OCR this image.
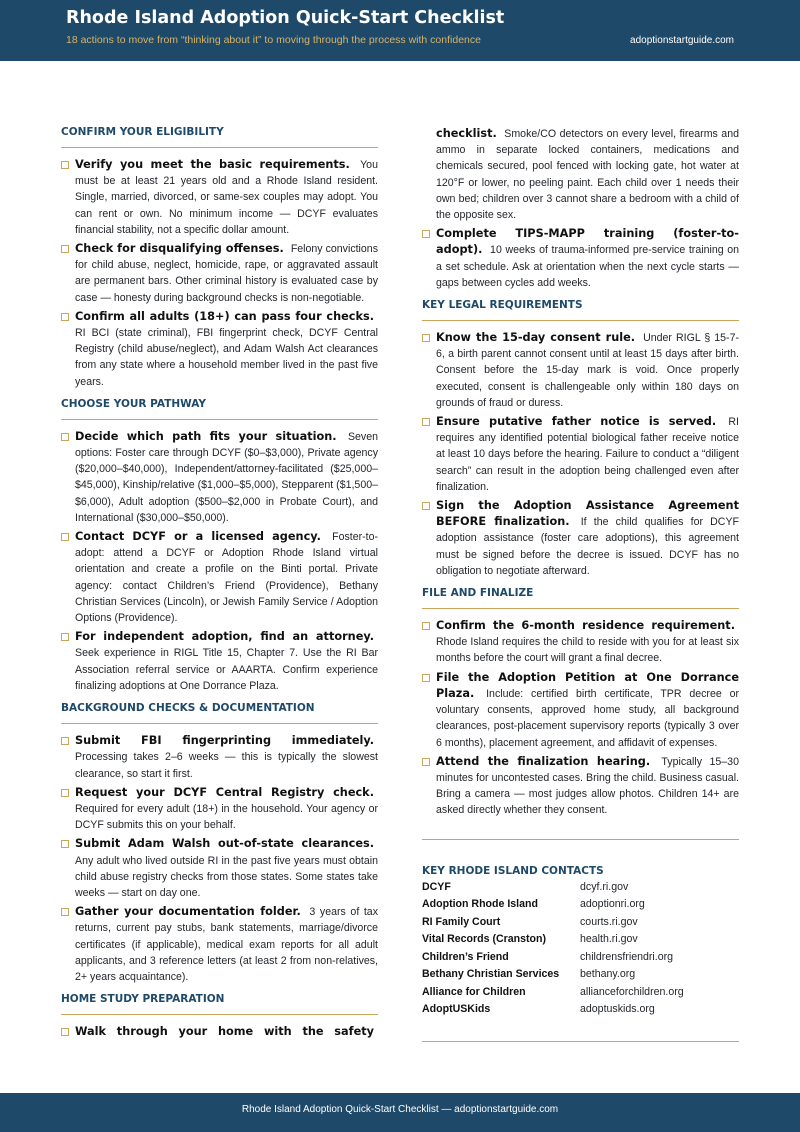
Rhode Island Adoption Quick-Start Checklist
18 actions to move from “thinking about it” to moving through the process with confidence	adoptionstartguide.com
CONFIRM YOUR ELIGIBILITY
Verify you meet the basic requirements. You must be at least 21 years old and a Rhode Island resident. Single, married, divorced, or same-sex couples may adopt. You can rent or own. No minimum income — DCYF evaluates financial stability, not a specific dollar amount.
Check for disqualifying offenses. Felony convictions for child abuse, neglect, homicide, rape, or aggravated assault are permanent bars. Other criminal history is evaluated case by case — honesty during background checks is non-negotiable.
Confirm all adults (18+) can pass four checks. RI BCI (state criminal), FBI fingerprint check, DCYF Central Registry (child abuse/neglect), and Adam Walsh Act clearances from any state where a household member lived in the past five years.
CHOOSE YOUR PATHWAY
Decide which path fits your situation. Seven options: Foster care through DCYF ($0–$3,000), Private agency ($20,000–$40,000), Independent/attorney-facilitated ($25,000–$45,000), Kinship/relative ($1,000–$5,000), Stepparent ($1,500–$6,000), Adult adoption ($500–$2,000 in Probate Court), and International ($30,000–$50,000).
Contact DCYF or a licensed agency. Foster-to-adopt: attend a DCYF or Adoption Rhode Island virtual orientation and create a profile on the Binti portal. Private agency: contact Children’s Friend (Providence), Bethany Christian Services (Lincoln), or Jewish Family Service / Adoption Options (Providence).
For independent adoption, find an attorney. Seek experience in RIGL Title 15, Chapter 7. Use the RI Bar Association referral service or AAARTA. Confirm experience finalizing adoptions at One Dorrance Plaza.
BACKGROUND CHECKS & DOCUMENTATION
Submit FBI fingerprinting immediately. Processing takes 2–6 weeks — this is typically the slowest clearance, so start it first.
Request your DCYF Central Registry check. Required for every adult (18+) in the household. Your agency or DCYF submits this on your behalf.
Submit Adam Walsh out-of-state clearances. Any adult who lived outside RI in the past five years must obtain child abuse registry checks from those states. Some states take weeks — start on day one.
Gather your documentation folder. 3 years of tax returns, current pay stubs, bank statements, marriage/divorce certificates (if applicable), medical exam reports for all adult applicants, and 3 reference letters (at least 2 from non-relatives, 2+ years acquaintance).
HOME STUDY PREPARATION
Walk through your home with the safety
checklist. Smoke/CO detectors on every level, firearms and ammo in separate locked containers, medications and chemicals secured, pool fenced with locking gate, hot water at 120°F or lower, no peeling paint. Each child over 1 needs their own bed; children over 3 cannot share a bedroom with a child of the opposite sex.
Complete TIPS-MAPP training (foster-to-adopt). 10 weeks of trauma-informed pre-service training on a set schedule. Ask at orientation when the next cycle starts — gaps between cycles add weeks.
KEY LEGAL REQUIREMENTS
Know the 15-day consent rule. Under RIGL § 15-7-6, a birth parent cannot consent until at least 15 days after birth. Consent before the 15-day mark is void. Once properly executed, consent is challengeable only within 180 days on grounds of fraud or duress.
Ensure putative father notice is served. RI requires any identified potential biological father receive notice at least 10 days before the hearing. Failure to conduct a “diligent search” can result in the adoption being challenged even after finalization.
Sign the Adoption Assistance Agreement BEFORE finalization. If the child qualifies for DCYF adoption assistance (foster care adoptions), this agreement must be signed before the decree is issued. DCYF has no obligation to negotiate afterward.
FILE AND FINALIZE
Confirm the 6-month residence requirement. Rhode Island requires the child to reside with you for at least six months before the court will grant a final decree.
File the Adoption Petition at One Dorrance Plaza. Include: certified birth certificate, TPR decree or voluntary consents, approved home study, all background clearances, post-placement supervisory reports (typically 3 over 6 months), placement agreement, and affidavit of expenses.
Attend the finalization hearing. Typically 15–30 minutes for uncontested cases. Bring the child. Business casual. Bring a camera — most judges allow photos. Children 14+ are asked directly whether they consent.
KEY RHODE ISLAND CONTACTS
DCYF	dcyf.ri.gov
Adoption Rhode Island	adoptionri.org
RI Family Court	courts.ri.gov
Vital Records (Cranston)	health.ri.gov
Children’s Friend	childrensfriendri.org
Bethany Christian Services	bethany.org
Alliance for Children	allianceforchildren.org
AdoptUSKids	adoptuskids.org
Rhode Island Adoption Quick-Start Checklist — adoptionstartguide.com
